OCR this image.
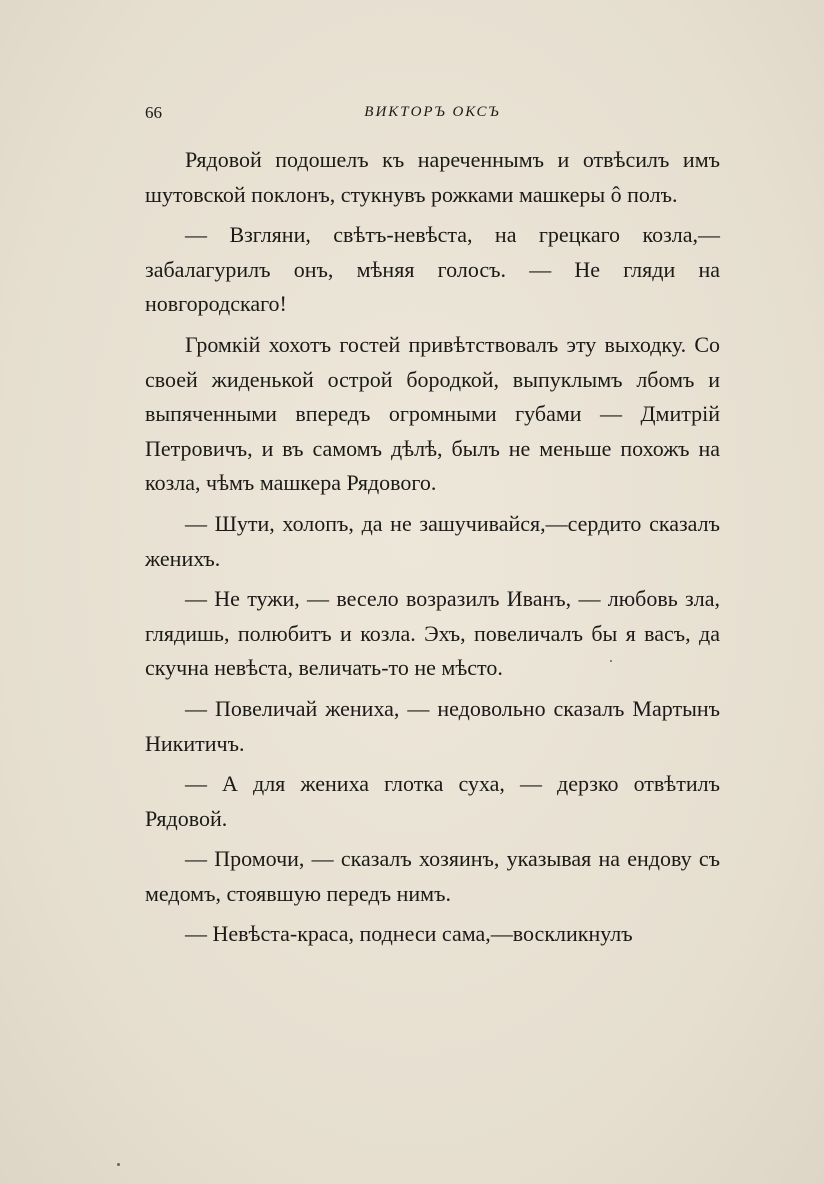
66	ВИКТОРЪ ОКСЪ

Рядовой подошелъ къ нареченнымъ и отвѣсилъ имъ шутовской поклонъ, стукнувъ рожками машкеры ô полъ.

— Взгляни, свѣтъ-невѣста, на грецкаго козла,— забалагурилъ онъ, мѣняя голосъ. — Не гляди на новгородскаго!

Громкій хохотъ гостей привѣтствовалъ эту выходку. Со своей жиденькой острой бородкой, выпуклымъ лбомъ и выпяченными впередъ огромными губами — Дмитрій Петровичъ, и въ самомъ дѣлѣ, былъ не меньше похожъ на козла, чѣмъ машкера Рядового.

— Шути, холопъ, да не зашучивайся,—сердито сказалъ женихъ.

— Не тужи, — весело возразилъ Иванъ, — любовь зла, глядишь, полюбитъ и козла. Эхъ, повеличалъ бы я васъ, да скучна невѣста, величать-то не мѣсто.

— Повеличай жениха, — недовольно сказалъ Мартынъ Никитичъ.

— А для жениха глотка суха, — дерзко отвѣтилъ Рядовой.

— Промочи, — сказалъ хозяинъ, указывая на ендову съ медомъ, стоявшую передъ нимъ.

— Невѣста-краса, поднеси сама,—воскликнулъ
